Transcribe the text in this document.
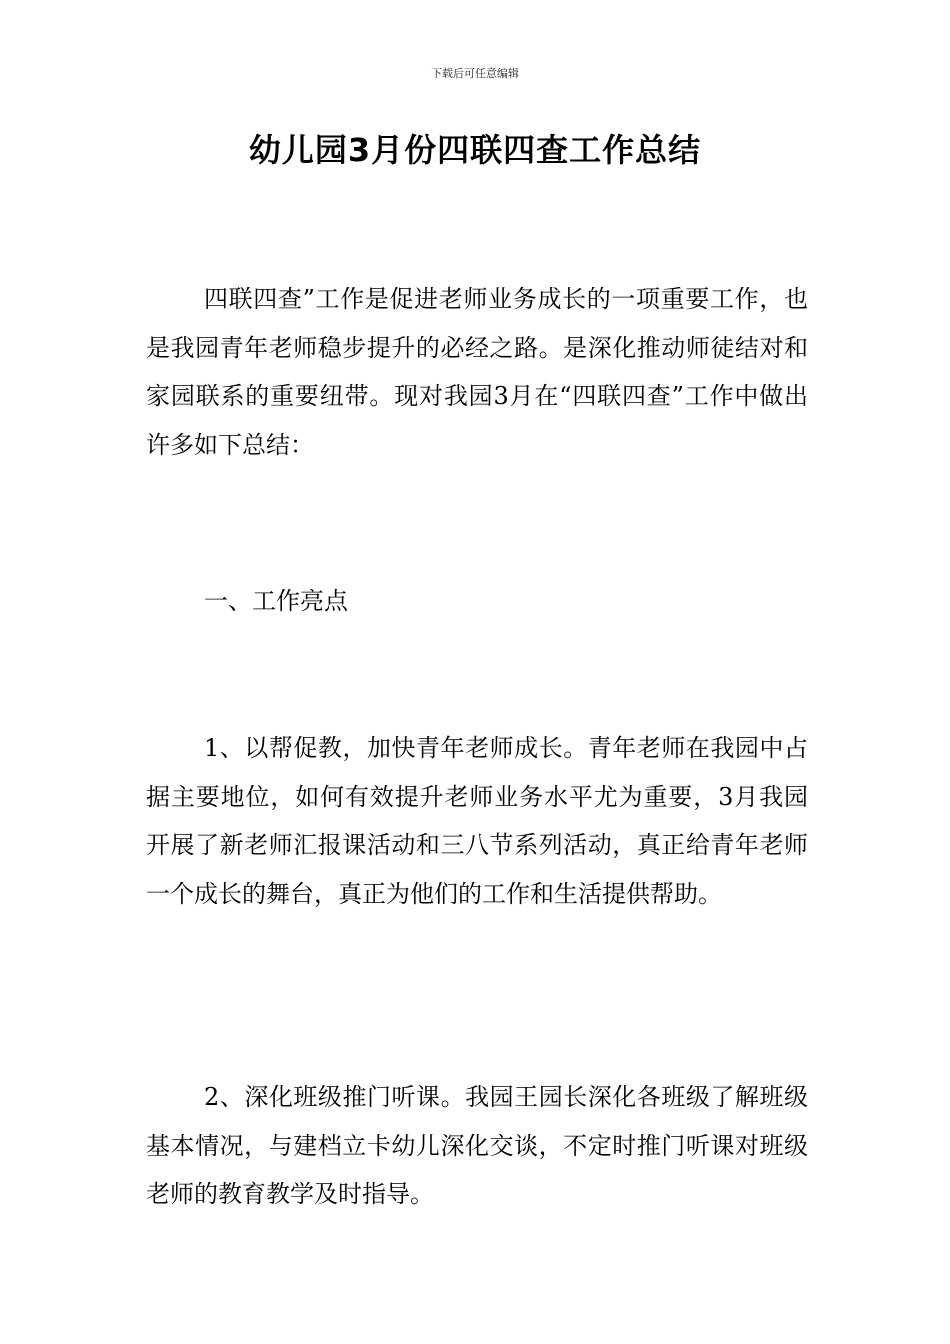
下载后可任意编辑
幼儿园3月份四联四查工作总结

四联四查”工作是促进老师业务成长的一项重要工作，也是我园青年老师稳步提升的必经之路。是深化推动师徒结对和家园联系的重要纽带。现对我园3月在“四联四查”工作中做出许多如下总结：

一、工作亮点

1、以帮促教，加快青年老师成长。青年老师在我园中占据主要地位，如何有效提升老师业务水平尤为重要，3月我园开展了新老师汇报课活动和三八节系列活动，真正给青年老师一个成长的舞台，真正为他们的工作和生活提供帮助。

2、深化班级推门听课。我园王园长深化各班级了解班级基本情况，与建档立卡幼儿深化交谈，不定时推门听课对班级老师的教育教学及时指导。
